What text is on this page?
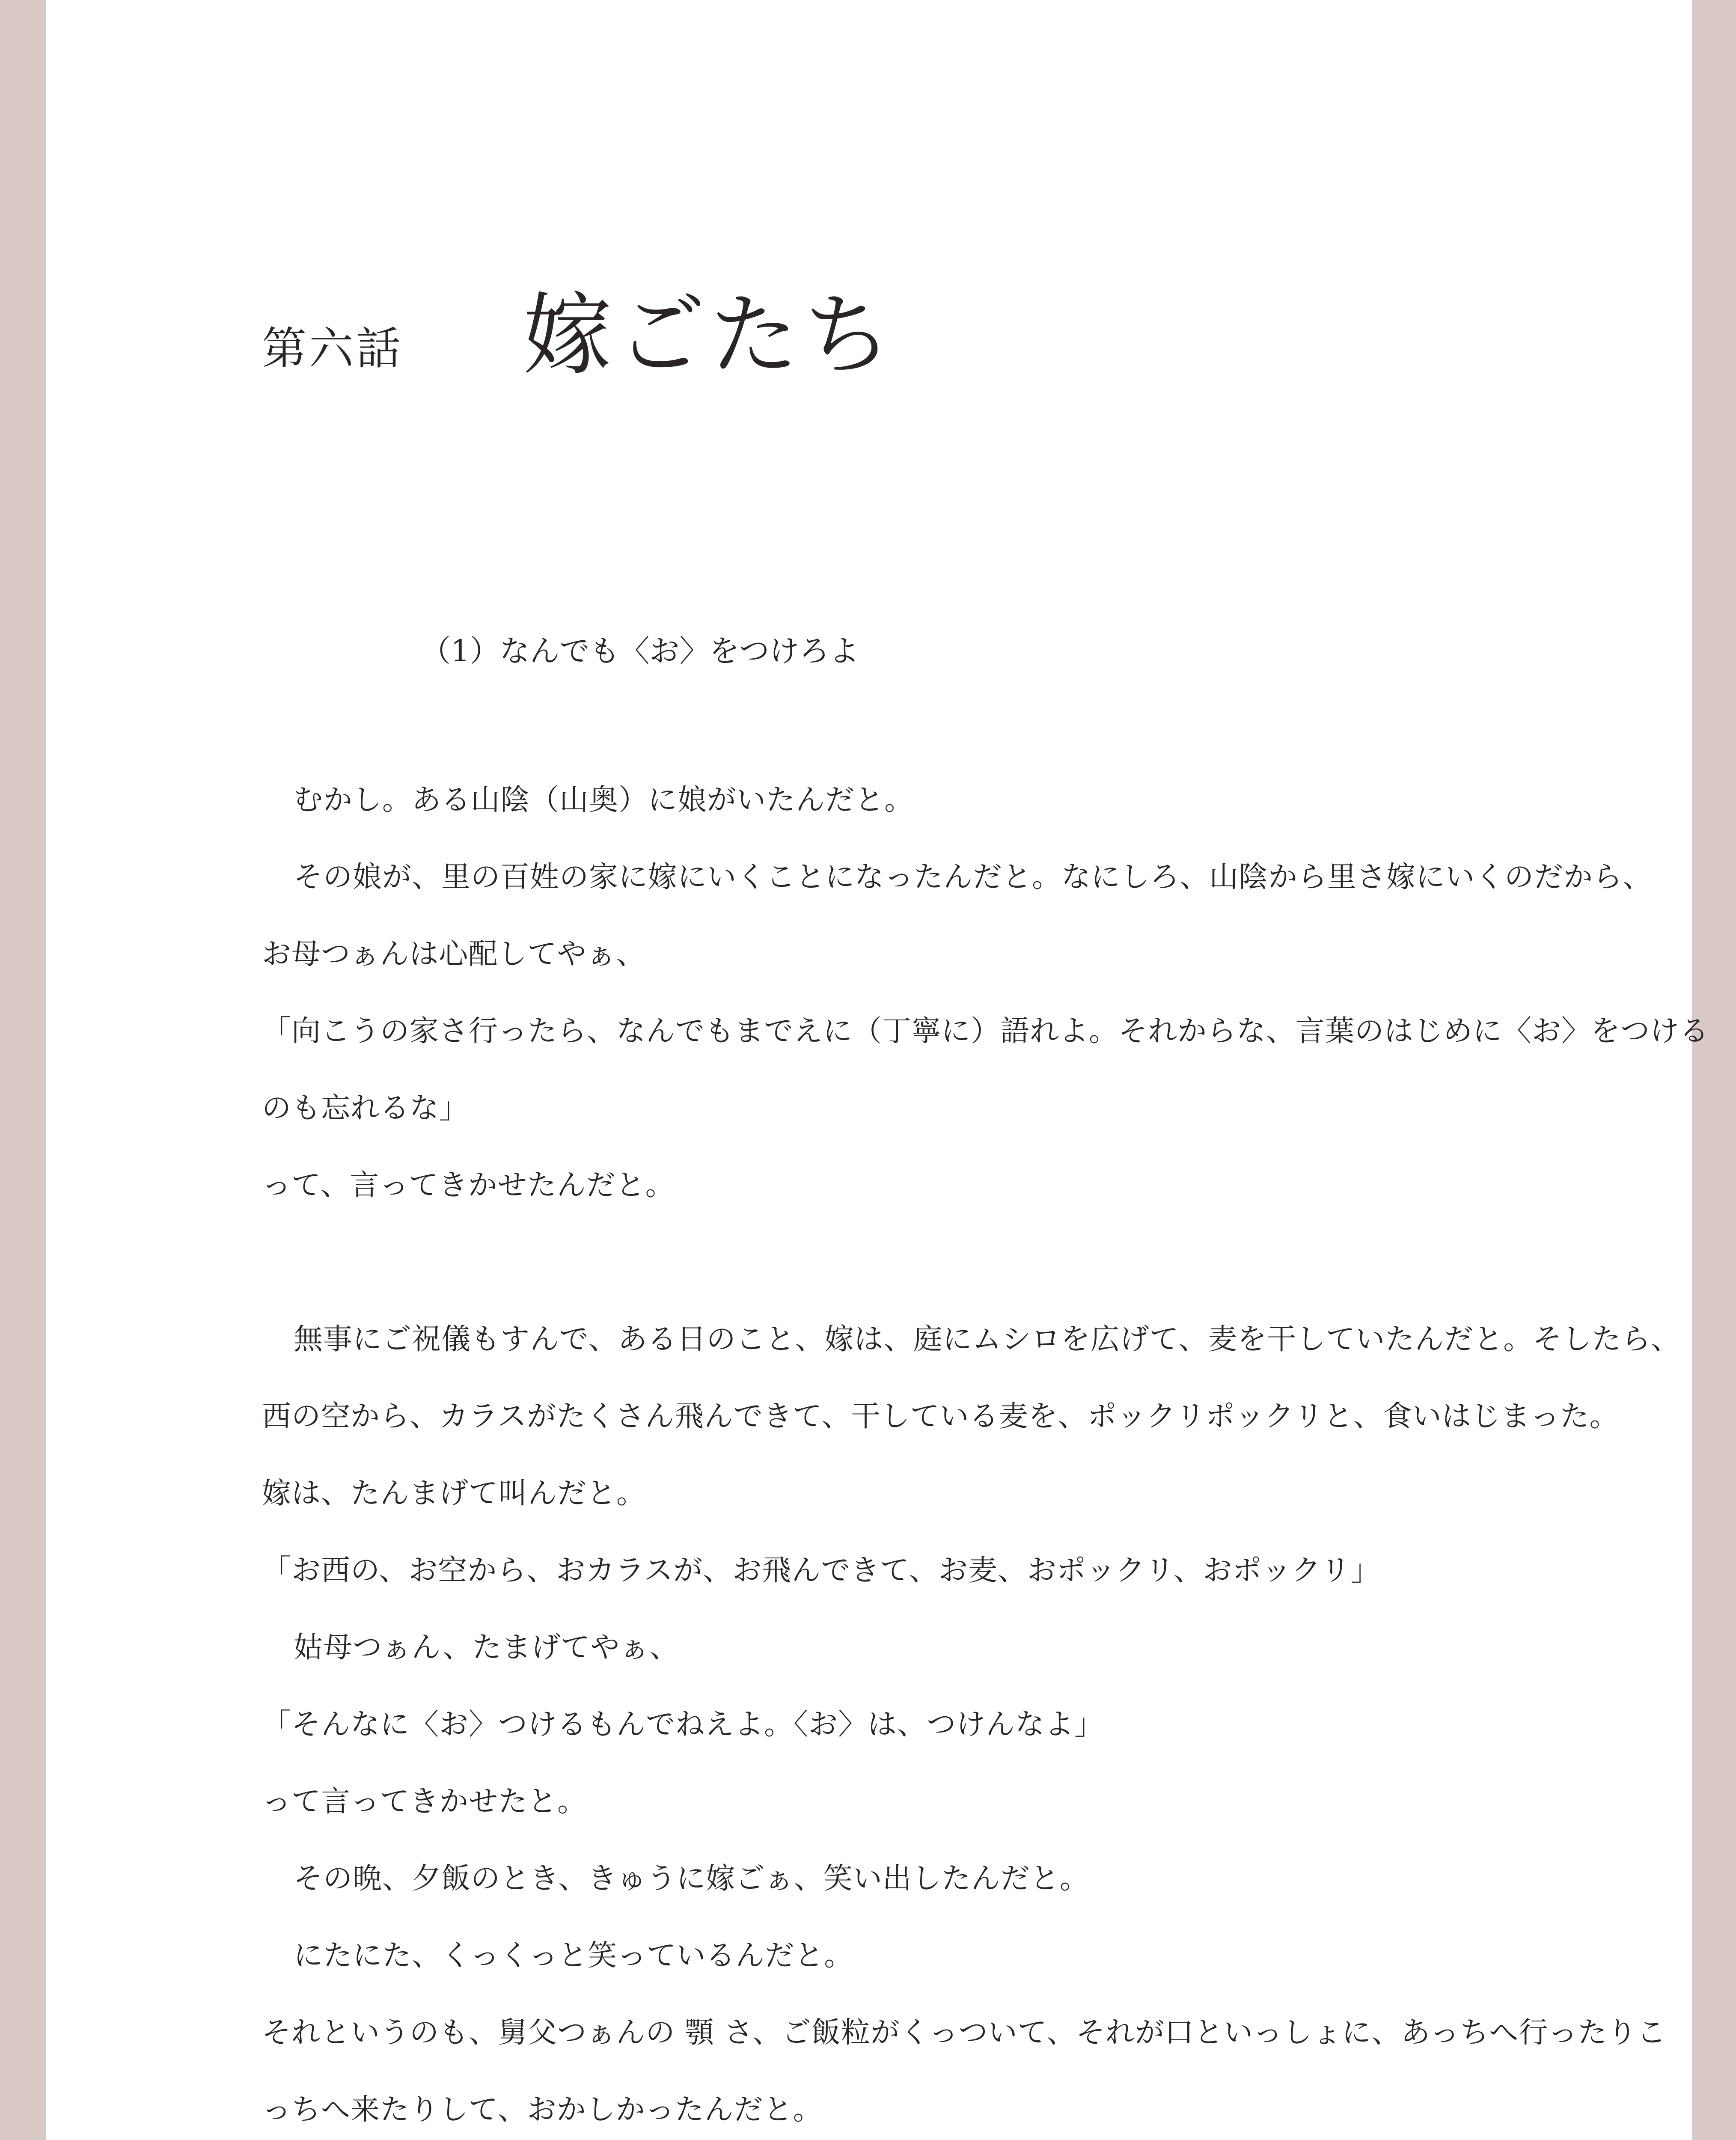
第六話 嫁ごたち
（1）なんでも〈お〉をつけろよ
むかし。ある山陰（山奥）に娘がいたんだと。
その娘が、里の百姓の家に嫁にいくことになったんだと。なにしろ、山陰から里さ嫁にいくのだから、
お母つぁんは心配してやぁ、
「向こうの家さ行ったら、なんでもまでえに（丁寧に）語れよ。それからな、言葉のはじめに〈お〉をつける
のも忘れるな」
って、言ってきかせたんだと。
無事にご祝儀もすんで、ある日のこと、嫁は、庭にムシロを広げて、麦を干していたんだと。そしたら、
西の空から、カラスがたくさん飛んできて、干している麦を、ポックリポックリと、食いはじまった。
嫁は、たんまげて叫んだと。
「お西の、お空から、おカラスが、お飛んできて、お麦、おポックリ、おポックリ」
姑母つぁん、たまげてやぁ、
「そんなに〈お〉つけるもんでねえよ。〈お〉は、つけんなよ」
って言ってきかせたと。
その晩、夕飯のとき、きゅうに嫁ごぁ、笑い出したんだと。
にたにた、くっくっと笑っているんだと。
それというのも、舅父つぁんの 顎 さ、ご飯粒がくっついて、それが口といっしょに、あっちへ行ったりこ
っちへ来たりして、おかしかったんだと。
